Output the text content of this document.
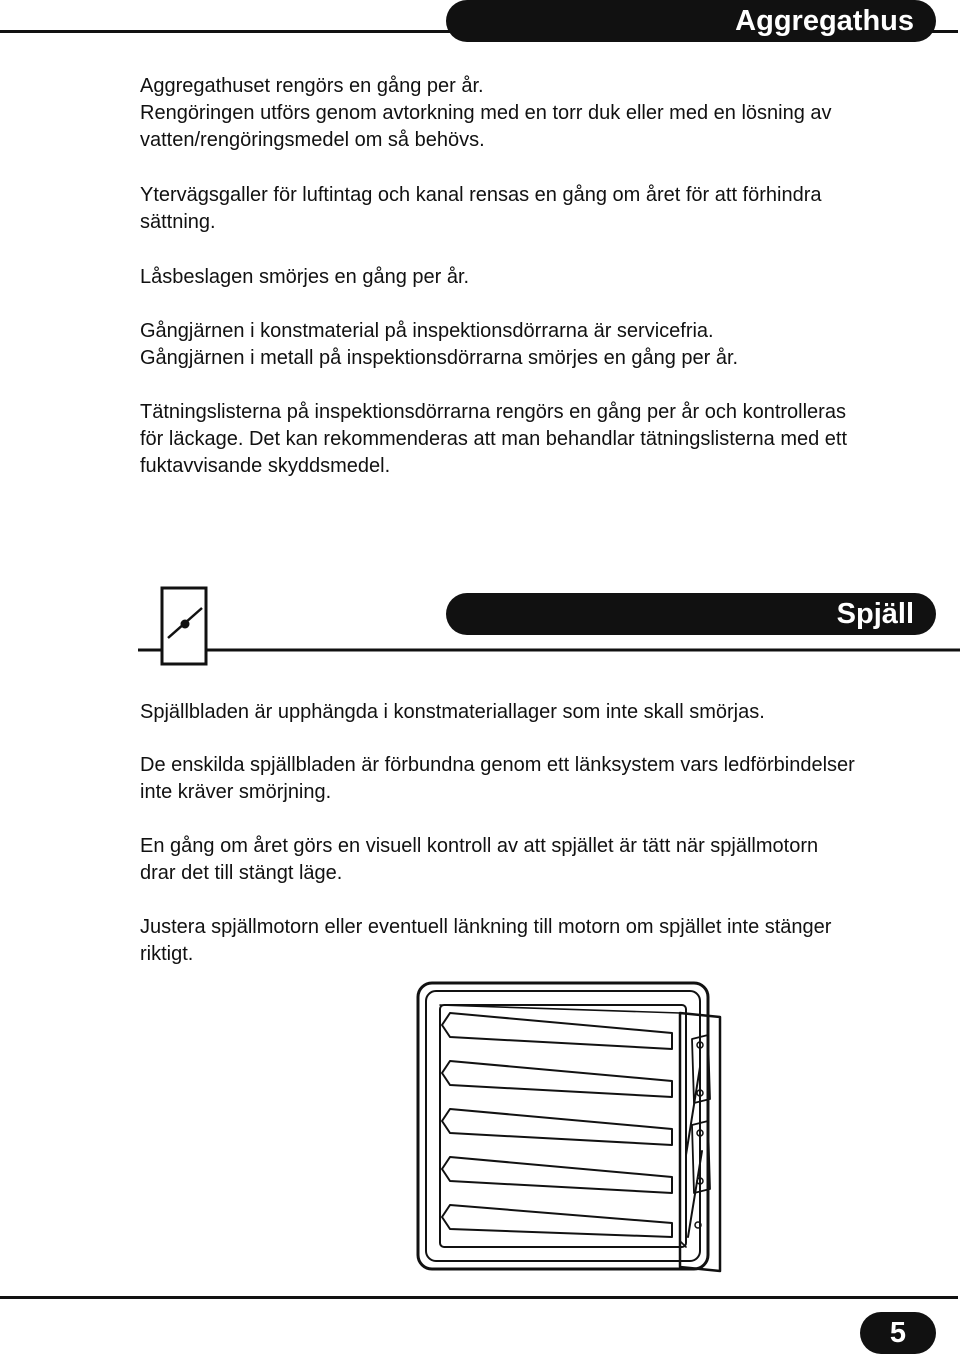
Aggregathus

Aggregathuset rengörs en gång per år.
Rengöringen utförs genom avtorkning med en torr duk eller med en lösning av
vatten/rengöringsmedel om så behövs.

Ytervägsgaller för luftintag och kanal rensas en gång om året för att förhindra
sättning.

Låsbeslagen smörjes en gång per år.

Gångjärnen i konstmaterial på inspektionsdörrarna är servicefria.
Gångjärnen i metall på inspektionsdörrarna smörjes en gång per år.

Tätningslisterna på inspektionsdörrarna rengörs en gång per år och kontrolleras
för läckage. Det kan rekommenderas att man behandlar tätningslisterna med ett
fuktavvisande skyddsmedel.

Spjäll

Spjällbladen är upphängda i konstmateriallager som inte skall smörjas.

De enskilda spjällbladen är förbundna genom ett länksystem vars ledförbindelser
inte kräver smörjning.

En gång om året görs en visuell kontroll av att spjället är tätt när spjällmotorn
drar det till stängt läge.

Justera spjällmotorn eller eventuell länkning till motorn om spjället inte stänger
riktigt.

5
